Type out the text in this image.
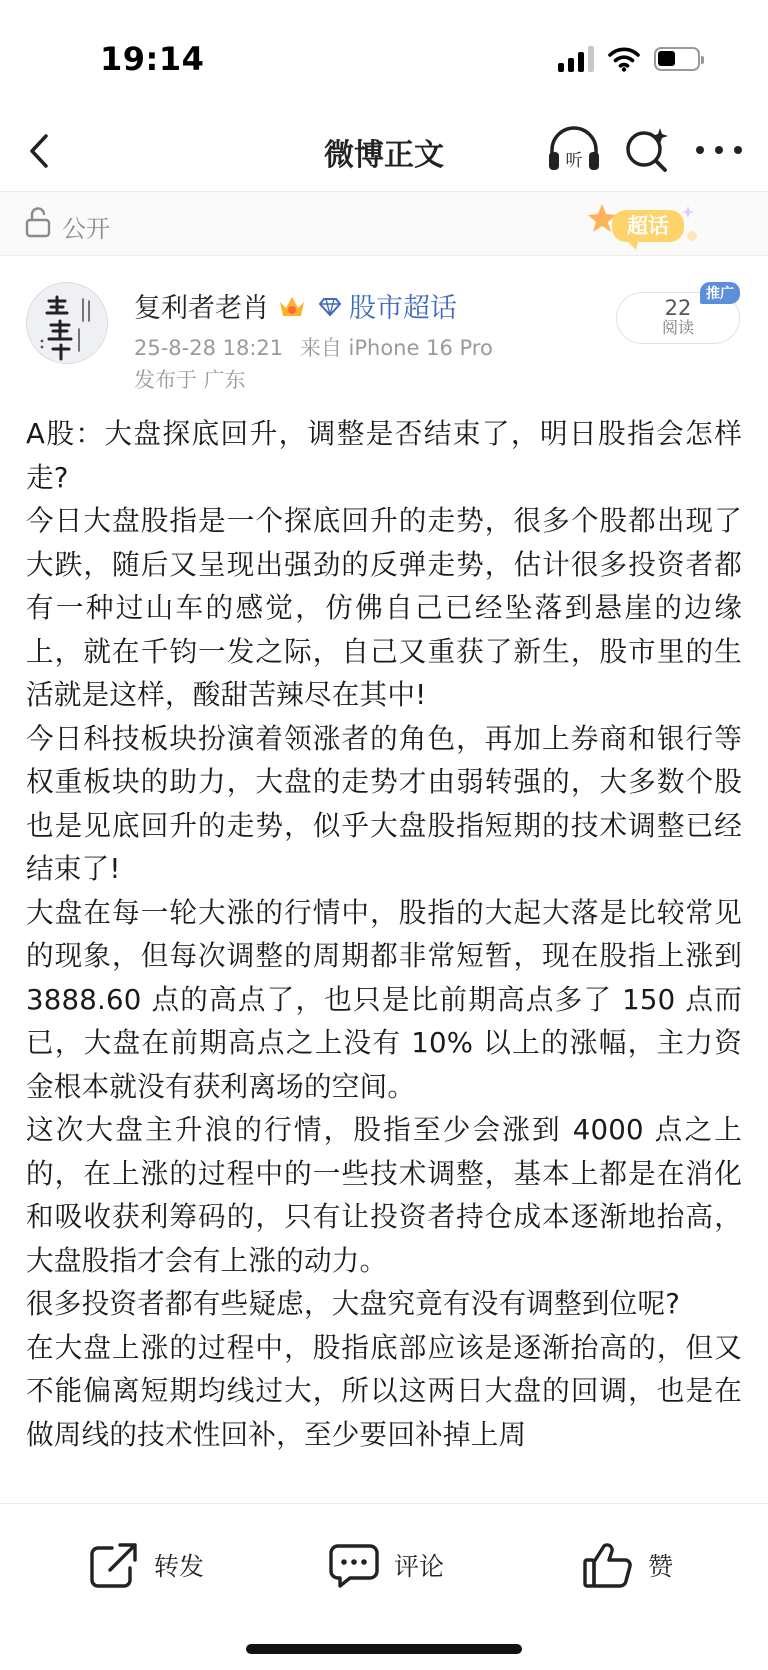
19:14
微博正文	听
公开	超话
复利者老肖	股市超话
25-8-28 18:21 来自 iPhone 16 Pro
发布于 广东
22
阅读
推广

A股：大盘探底回升，调整是否结束了，明日股指会怎样走?

今日大盘股指是一个探底回升的走势，很多个股都出现了大跌，随后又呈现出强劲的反弹走势，估计很多投资者都有一种过山车的感觉，仿佛自己已经坠落到悬崖的边缘上，就在千钧一发之际，自己又重获了新生，股市里的生活就是这样，酸甜苦辣尽在其中!

今日科技板块扮演着领涨者的角色，再加上券商和银行等权重板块的助力，大盘的走势才由弱转强的，大多数个股也是见底回升的走势，似乎大盘股指短期的技术调整已经结束了!

大盘在每一轮大涨的行情中，股指的大起大落是比较常见的现象，但每次调整的周期都非常短暂，现在股指上涨到 3888.60 点的高点了，也只是比前期高点多了 150 点而已，大盘在前期高点之上没有 10% 以上的涨幅，主力资金根本就没有获利离场的空间。

这次大盘主升浪的行情，股指至少会涨到 4000 点之上的，在上涨的过程中的一些技术调整，基本上都是在消化和吸收获利筹码的，只有让投资者持仓成本逐渐地抬高，大盘股指才会有上涨的动力。

很多投资者都有些疑虑，大盘究竟有没有调整到位呢?

在大盘上涨的过程中，股指底部应该是逐渐抬高的，但又不能偏离短期均线过大，所以这两日大盘的回调，也是在做周线的技术性回补，至少要回补掉上周

转发	评论	赞
